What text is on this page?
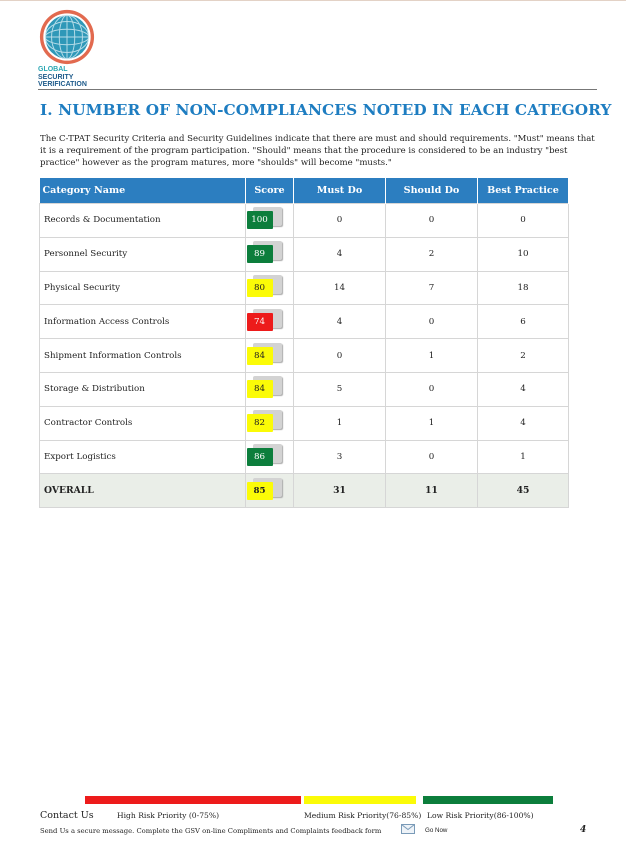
GLOBAL
SECURITY
VERIFICATION
I. NUMBER OF NON-COMPLIANCES NOTED IN EACH CATEGORY

The C-TPAT Security Criteria and Security Guidelines indicate that there are must and should requirements. "Must" means that it is a requirement of the program participation. "Should" means that the procedure is considered to be an industry "best practice" however as the program matures, more "shoulds" will become "musts."

Category Name	Score	Must Do	Should Do	Best Practice
Records & Documentation	100	0	0	0
Personnel Security	89	4	2	10
Physical Security	80	14	7	18
Information Access Controls	74	4	0	6
Shipment Information Controls	84	0	1	2
Storage & Distribution	84	5	0	4
Contractor Controls	82	1	1	4
Export Logistics	86	3	0	1
OVERALL	85	31	11	45
Contact Us	High Risk Priority (0-75%)	Medium Risk Priority(76-85%) Low Risk Priority(86-100%)
Send Us a secure message. Complete the GSV on-line Compliments and Complaints feedback form	Go Now	4
